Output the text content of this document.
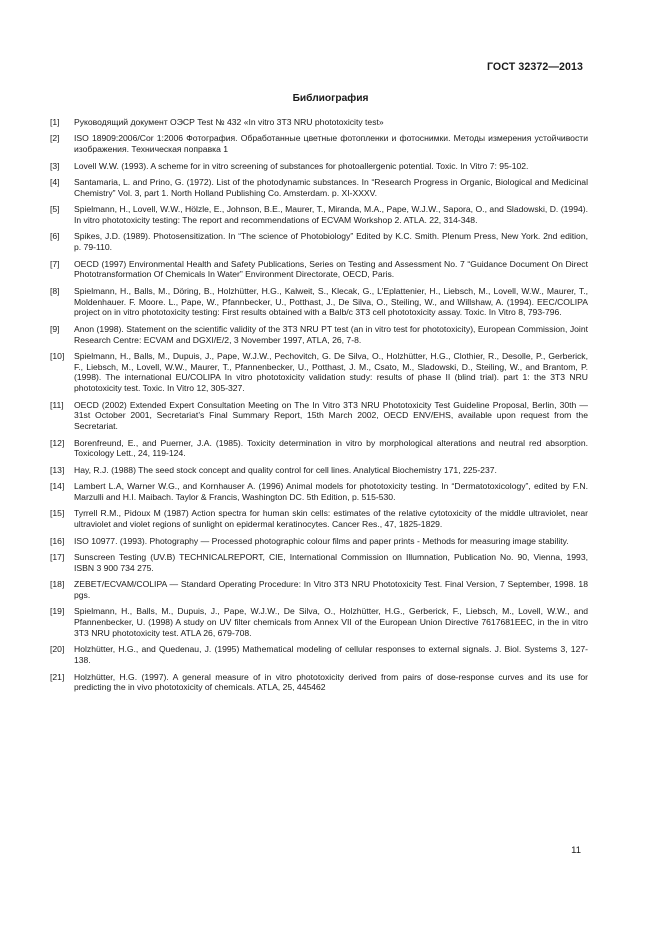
ГОСТ 32372—2013
Библиография
[1] Руководящий документ ОЭСР Test № 432 «In vitro 3T3 NRU phototoxicity test»
[2] ISO 18909:2006/Cor 1:2006 Фотография. Обработанные цветные фотопленки и фотоснимки. Методы измерения устойчивости изображения. Техническая поправка 1
[3] Lovell W.W. (1993). A scheme for in vitro screening of substances for photoallergenic potential. Toxic. In Vitro 7: 95-102.
[4] Santamaria, L. and Prino, G. (1972). List of the photodynamic substances. In “Research Progress in Organic, Biological and Medicinal Chemistry” Vol. 3, part 1. North Holland Publishing Co. Amsterdam. p. XI-XXXV.
[5] Spielmann, H., Lovell, W.W., Hölzle, E., Johnson, B.E., Maurer, T., Miranda, M.A., Pape, W.J.W., Sapora, O., and Sladowski, D. (1994). In vitro phototoxicity testing: The report and recommendations of ECVAM Workshop 2. ATLA. 22, 314-348.
[6] Spikes, J.D. (1989). Photosensitization. In “The science of Photobiology” Edited by K.C. Smith. Plenum Press, New York. 2nd edition, p. 79-110.
[7] OECD (1997) Environmental Health and Safety Publications, Series on Testing and Assessment No. 7 “Guidance Document On Direct Phototransformation Of Chemicals In Water” Environment Directorate, OECD, Paris.
[8] Spielmann, H., Balls, M., Döring, B., Holzhütter, H.G., Kalweit, S., Klecak, G., L’Eplattenier, H., Liebsch, M., Lovell, W.W., Maurer, T., Moldenhauer. F. Moore. L., Pape, W., Pfannbecker, U., Potthast, J., De Silva, O., Steiling, W., and Willshaw, A. (1994). EEC/COLIPA project on in vitro phototoxicity testing: First results obtained with a Balb/c 3T3 cell phototoxicity assay. Toxic. In Vitro 8, 793-796.
[9] Anon (1998). Statement on the scientific validity of the 3T3 NRU PT test (an in vitro test for phototoxicity), European Commission, Joint Research Centre: ECVAM and DGXI/E/2, 3 November 1997, ATLA, 26, 7-8.
[10] Spielmann, H., Balls, M., Dupuis, J., Pape, W.J.W., Pechovitch, G. De Silva, O., Holzhütter, H.G., Clothier, R., Desolle, P., Gerberick, F., Liebsch, M., Lovell, W.W., Maurer, T., Pfannenbecker, U., Potthast, J. M., Csato, M., Sladowski, D., Steiling, W., and Brantom, P. (1998). The international EU/COLIPA In vitro phototoxicity validation study: results of phase II (blind trial). part 1: the 3T3 NRU phototoxicity test. Toxic. In Vitro 12, 305-327.
[11] OECD (2002) Extended Expert Consultation Meeting on The In Vitro 3T3 NRU Phototoxicity Test Guideline Proposal, Berlin, 30th — 31st October 2001, Secretariat’s Final Summary Report, 15th March 2002, OECD ENV/EHS, available upon request from the Secretariat.
[12] Borenfreund, E., and Puerner, J.A. (1985). Toxicity determination in vitro by morphological alterations and neutral red absorption. Toxicology Lett., 24, 119-124.
[13] Hay, R.J. (1988) The seed stock concept and quality control for cell lines. Analytical Biochemistry 171, 225-237.
[14] Lambert L.A, Warner W.G., and Kornhauser A. (1996) Animal models for phototoxicity testing. In “Dermatotoxicology”, edited by F.N. Marzulli and H.I. Maibach. Taylor & Francis, Washington DC. 5th Edition, p. 515-530.
[15] Tyrrell R.M., Pidoux M (1987) Action spectra for human skin cells: estimates of the relative cytotoxicity of the middle ultraviolet, near ultraviolet and violet regions of sunlight on epidermal keratinocytes. Cancer Res., 47, 1825-1829.
[16] ISO 10977. (1993). Photography — Processed photographic colour films and paper prints - Methods for measuring image stability.
[17] Sunscreen Testing (UV.B) TECHNICALREPORT, CIE, International Commission on Illumnation, Publication No. 90, Vienna, 1993, ISBN 3 900 734 275.
[18] ZEBET/ECVAM/COLIPA — Standard Operating Procedure: In Vitro 3T3 NRU Phototoxicity Test. Final Version, 7 September, 1998. 18 pgs.
[19] Spielmann, H., Balls, M., Dupuis, J., Pape, W.J.W., De Silva, O., Holzhütter, H.G., Gerberick, F., Liebsch, M., Lovell, W.W., and Pfannenbecker, U. (1998) A study on UV filter chemicals from Annex VII of the European Union Directive 7617681EEC, in the in vitro 3T3 NRU phototoxicity test. ATLA 26, 679-708.
[20] Holzhütter, H.G., and Quedenau, J. (1995) Mathematical modeling of cellular responses to external signals. J. Biol. Systems 3, 127-138.
[21] Holzhütter, H.G. (1997). A general measure of in vitro phototoxicity derived from pairs of dose-response curves and its use for predicting the in vivo phototoxicity of chemicals. ATLA, 25, 445462
11
